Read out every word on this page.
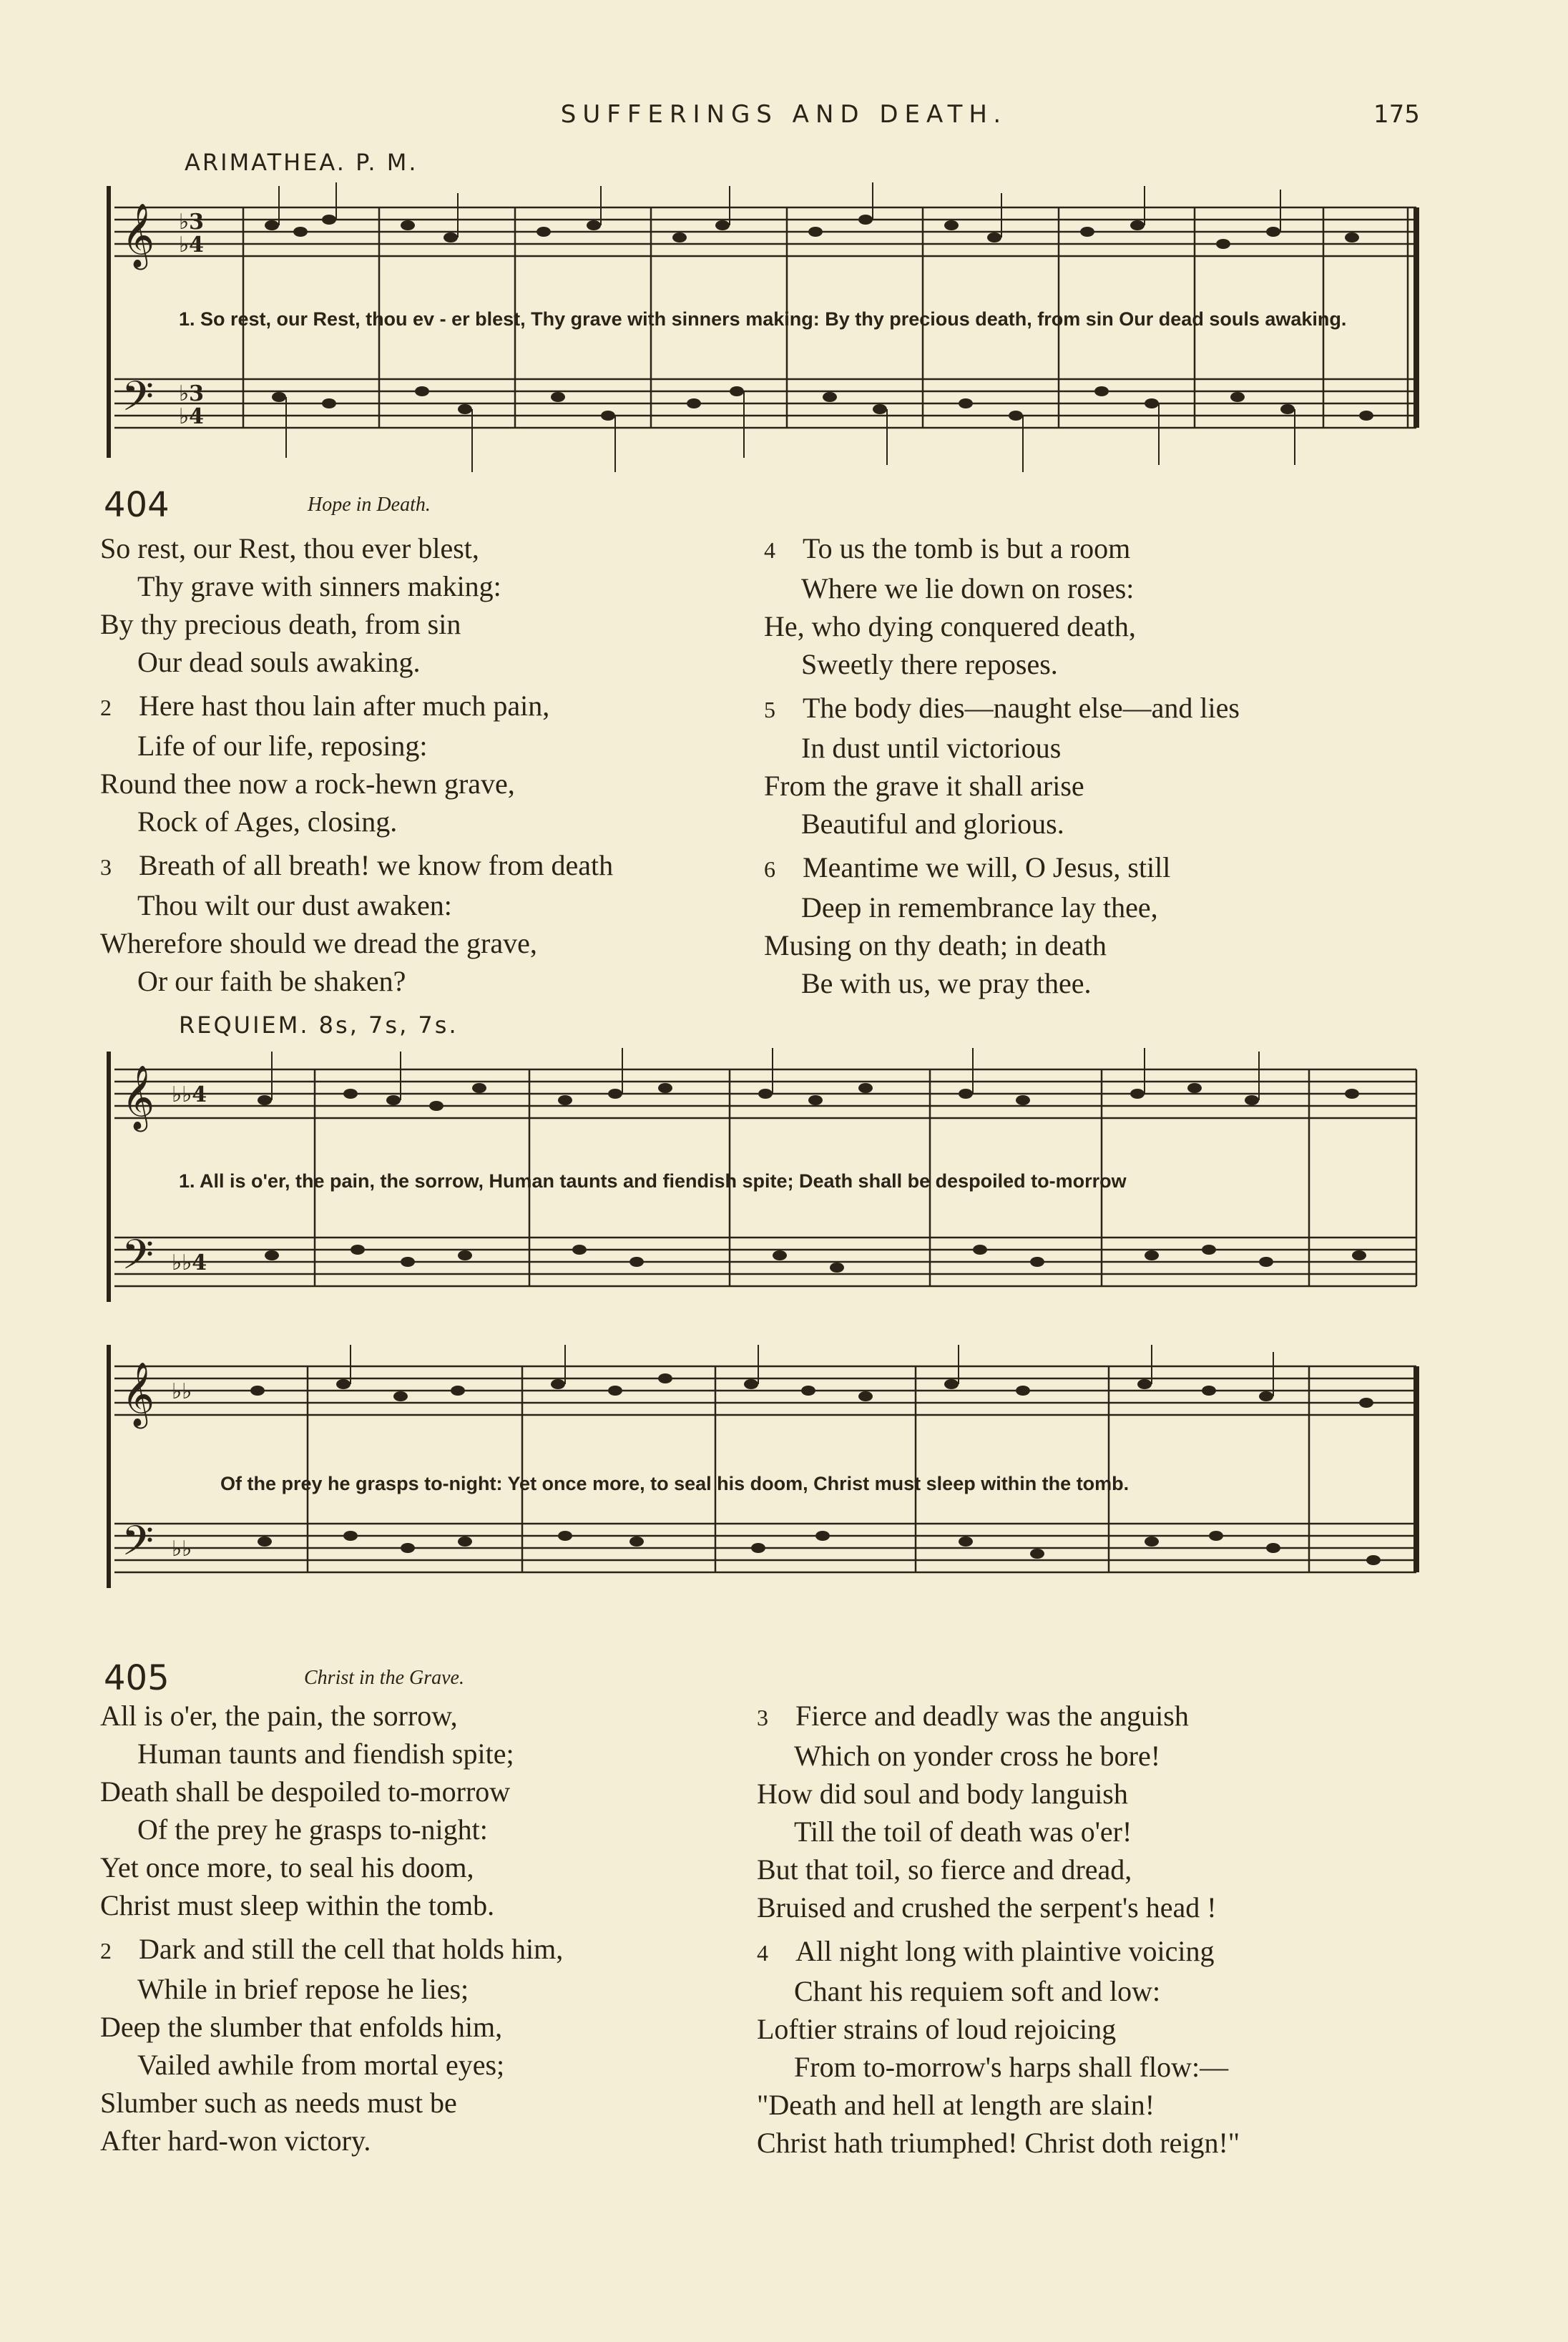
SUFFERINGS AND DEATH.	175
ARIMATHEA. P. M.
𝄞
𝄢
♭3
♭4
♭3
♭4
1. So rest, our Rest, thou ev - er blest, Thy grave with sinners making: By thy precious death, from sin Our dead souls awaking.
404	Hope in Death.
So rest, our Rest, thou ever blest,
Thy grave with sinners making:
By thy precious death, from sin
Our dead souls awaking.
2 Here hast thou lain after much pain,
Life of our life, reposing:
Round thee now a rock-hewn grave,
Rock of Ages, closing.
3 Breath of all breath! we know from death
Thou wilt our dust awaken:
Wherefore should we dread the grave,
Or our faith be shaken?
4 To us the tomb is but a room
Where we lie down on roses:
He, who dying conquered death,
Sweetly there reposes.
5 The body dies—naught else—and lies
In dust until victorious
From the grave it shall arise
Beautiful and glorious.
6 Meantime we will, O Jesus, still
Deep in remembrance lay thee,
Musing on thy death; in death
Be with us, we pray thee.
REQUIEM. 8s, 7s, 7s.
𝄞
𝄢
𝄞
𝄢
♭♭4
♭♭4
♭♭
♭♭
1. All is o'er, the pain, the sorrow, Human taunts and fiendish spite; Death shall be despoiled to-morrow
Of the prey he grasps to-night: Yet once more, to seal his doom, Christ must sleep within the tomb.
405	Christ in the Grave.
All is o'er, the pain, the sorrow,
Human taunts and fiendish spite;
Death shall be despoiled to-morrow
Of the prey he grasps to-night:
Yet once more, to seal his doom,
Christ must sleep within the tomb.
2 Dark and still the cell that holds him,
While in brief repose he lies;
Deep the slumber that enfolds him,
Vailed awhile from mortal eyes;
Slumber such as needs must be
After hard-won victory.
3 Fierce and deadly was the anguish
Which on yonder cross he bore!
How did soul and body languish
Till the toil of death was o'er!
But that toil, so fierce and dread,
Bruised and crushed the serpent's head !
4 All night long with plaintive voicing
Chant his requiem soft and low:
Loftier strains of loud rejoicing
From to-morrow's harps shall flow:—
"Death and hell at length are slain!
Christ hath triumphed! Christ doth reign!"
